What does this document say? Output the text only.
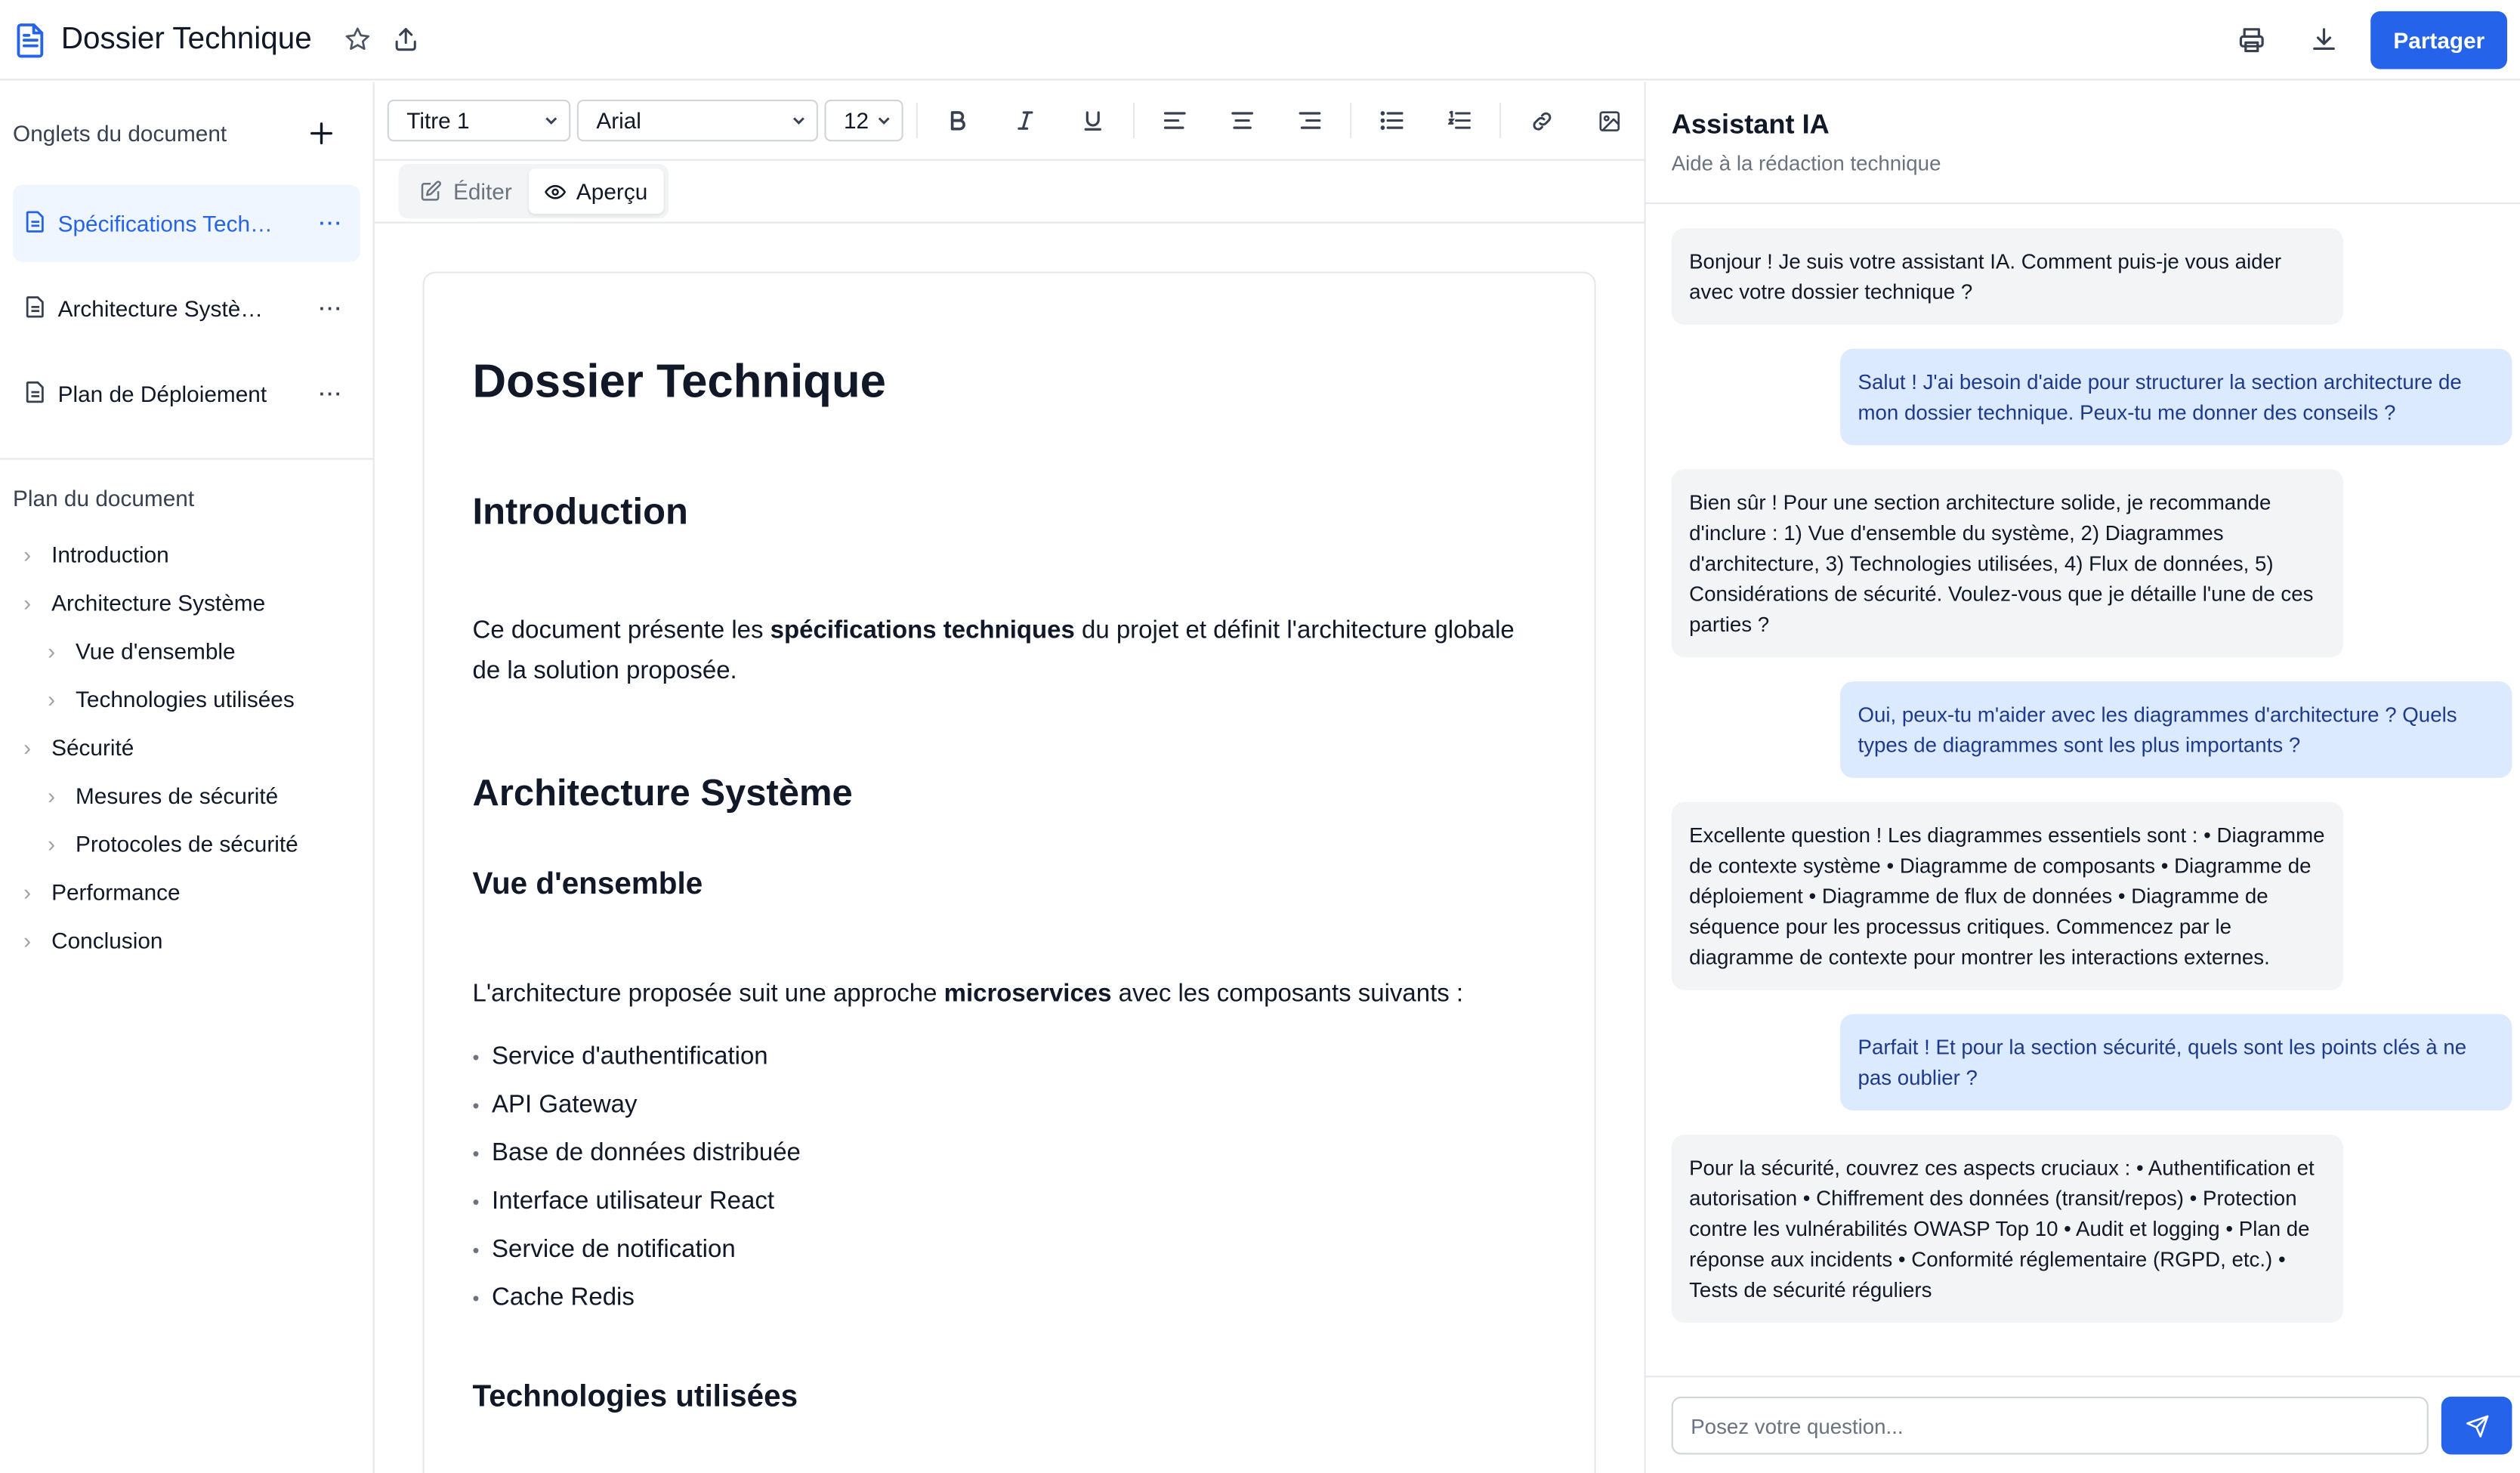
Dossier Technique	Partager
Onglets du document
Spécifications Tech…	···
Architecture Systè…	···
Plan de Déploiement	···
Plan du document
›	Introduction
›	Architecture Système
›	Vue d'ensemble
›	Technologies utilisées
›	Sécurité
›	Mesures de sécurité
›	Protocoles de sécurité
›	Performance
›	Conclusion
Titre 1	Arial	12
Éditer	Aperçu
Dossier Technique
Introduction

Ce document présente les spécifications techniques du projet et définit l'architecture globale de la solution proposée.

Architecture Système
Vue d'ensemble

L'architecture proposée suit une approche microservices avec les composants suivants :

•	Service d'authentification
•	API Gateway
•	Base de données distribuée
•	Interface utilisateur React
•	Service de notification
•	Cache Redis
Technologies utilisées
Assistant IA
Aide à la rédaction technique
Bonjour ! Je suis votre assistant IA. Comment puis-je vous aider avec votre dossier technique ?
Salut ! J'ai besoin d'aide pour structurer la section architecture de mon dossier technique. Peux-tu me donner des conseils ?
Bien sûr ! Pour une section architecture solide, je recommande d'inclure : 1) Vue d'ensemble du système, 2) Diagrammes d'architecture, 3) Technologies utilisées, 4) Flux de données, 5) Considérations de sécurité. Voulez-vous que je détaille l'une de ces parties ?
Oui, peux-tu m'aider avec les diagrammes d'architecture ? Quels types de diagrammes sont les plus importants ?
Excellente question ! Les diagrammes essentiels sont : • Diagramme de contexte système • Diagramme de composants • Diagramme de déploiement • Diagramme de flux de données • Diagramme de séquence pour les processus critiques. Commencez par le diagramme de contexte pour montrer les interactions externes.
Parfait ! Et pour la section sécurité, quels sont les points clés à ne pas oublier ?
Pour la sécurité, couvrez ces aspects cruciaux : • Authentification et autorisation • Chiffrement des données (transit/repos) • Protection contre les vulnérabilités OWASP Top 10 • Audit et logging • Plan de réponse aux incidents • Conformité réglementaire (RGPD, etc.) • Tests de sécurité réguliers
Posez votre question...
